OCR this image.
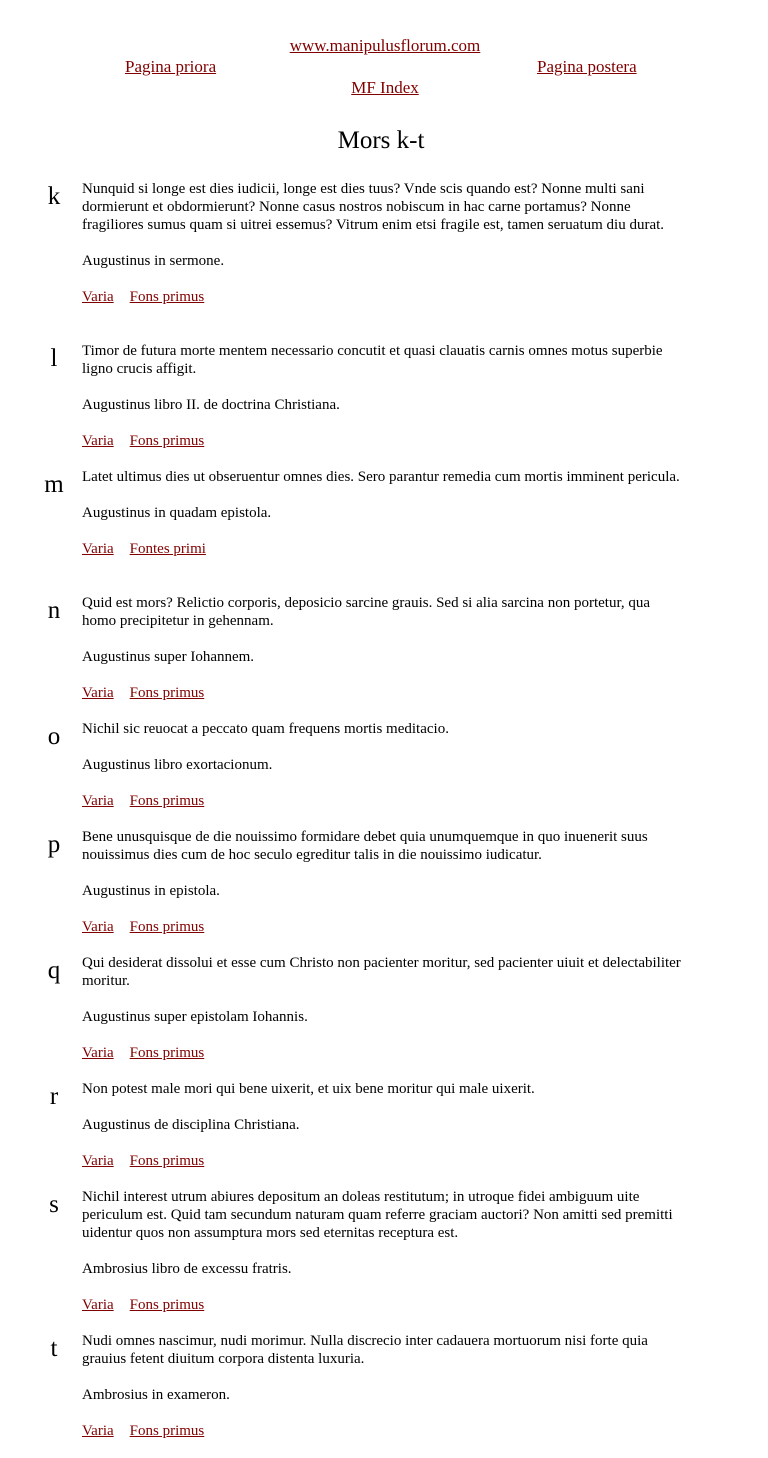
www.manipulusflorum.com
Pagina priora	Pagina postera
MF Index
Mors k-t
k Nunquid si longe est dies iudicii, longe est dies tuus? Vnde scis quando est? Nonne multi sani dormierunt et obdormierunt? Nonne casus nostros nobiscum in hac carne portamus? Nonne fragiliores sumus quam si uitrei essemus? Vitrum enim etsi fragile est, tamen seruatum diu durat.

Augustinus in sermone.

Varia Fons primus

l	Timor de futura morte mentem necessario concutit et quasi clauatis carnis omnes motus superbie ligno crucis affigit.

Augustinus libro II. de doctrina Christiana.

Varia Fons primus

m Latet ultimus dies ut obseruentur omnes dies. Sero parantur remedia cum mortis imminent pericula.

Augustinus in quadam epistola.

Varia Fontes primi

n Quid est mors? Relictio corporis, deposicio sarcine grauis. Sed si alia sarcina non portetur, qua homo precipitetur in gehennam.

Augustinus super Iohannem.

Varia Fons primus

o Nichil sic reuocat a peccato quam frequens mortis meditacio.

Augustinus libro exortacionum.

Varia Fons primus

p Bene unusquisque de die nouissimo formidare debet quia unumquemque in quo inuenerit suus nouissimus dies cum de hoc seculo egreditur talis in die nouissimo iudicatur.

Augustinus in epistola.

Varia Fons primus

q Qui desiderat dissolui et esse cum Christo non pacienter moritur, sed pacienter uiuit et delectabiliter moritur.

Augustinus super epistolam Iohannis.

Varia Fons primus

r	Non potest male mori qui bene uixerit, et uix bene moritur qui male uixerit.

Augustinus de disciplina Christiana.

Varia Fons primus

s	Nichil interest utrum abiures depositum an doleas restitutum; in utroque fidei ambiguum uite periculum est. Quid tam secundum naturam quam referre graciam auctori? Non amitti sed premitti uidentur quos non assumptura mors sed eternitas receptura est.

Ambrosius libro de excessu fratris.

Varia Fons primus

t	Nudi omnes nascimur, nudi morimur. Nulla discrecio inter cadauera mortuorum nisi forte quia grauius fetent diuitum corpora distenta luxuria.

Ambrosius in exameron.

Varia Fons primus
